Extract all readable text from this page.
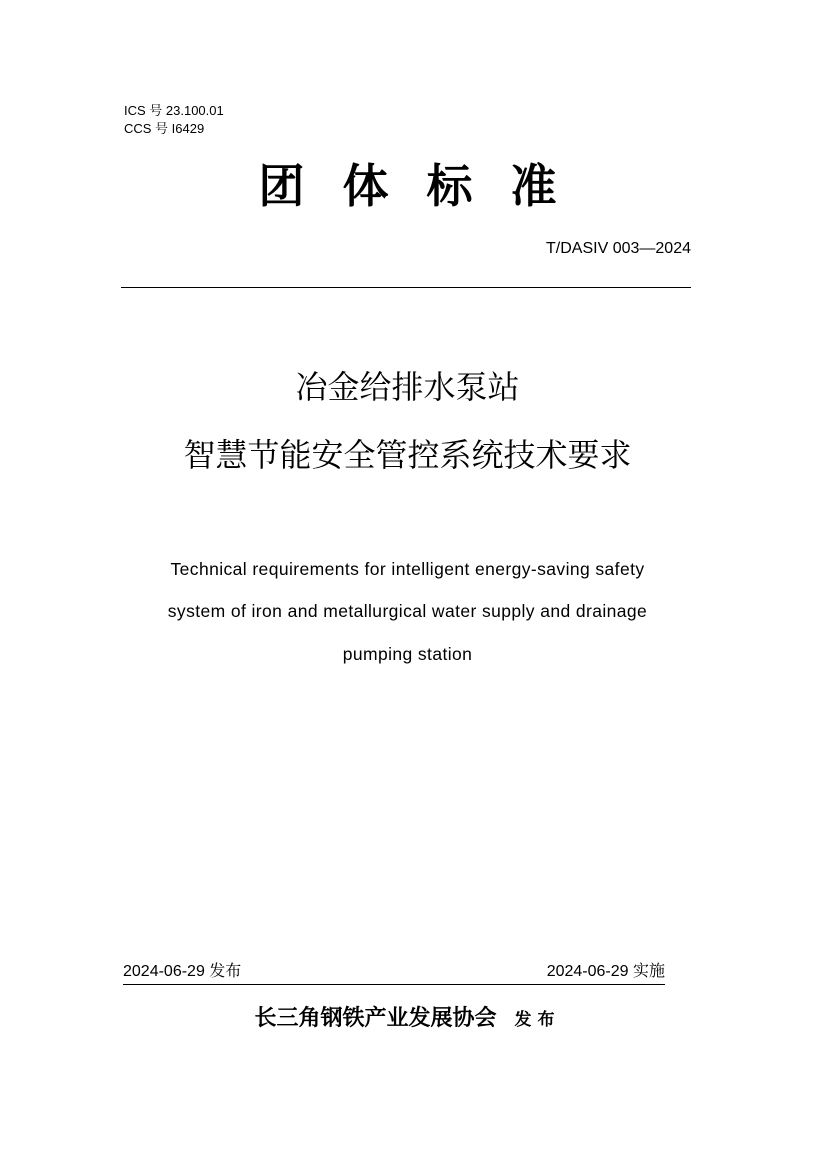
ICS 号 23.100.01
CCS 号 I6429
团体标准
T/DASIV 003—2024
冶金给排水泵站
智慧节能安全管控系统技术要求
Technical requirements for intelligent energy-saving safety
system of iron and metallurgical water supply and drainage
pumping station
2024-06-29 发布	2024-06-29 实施
长三角钢铁产业发展协会 发布
